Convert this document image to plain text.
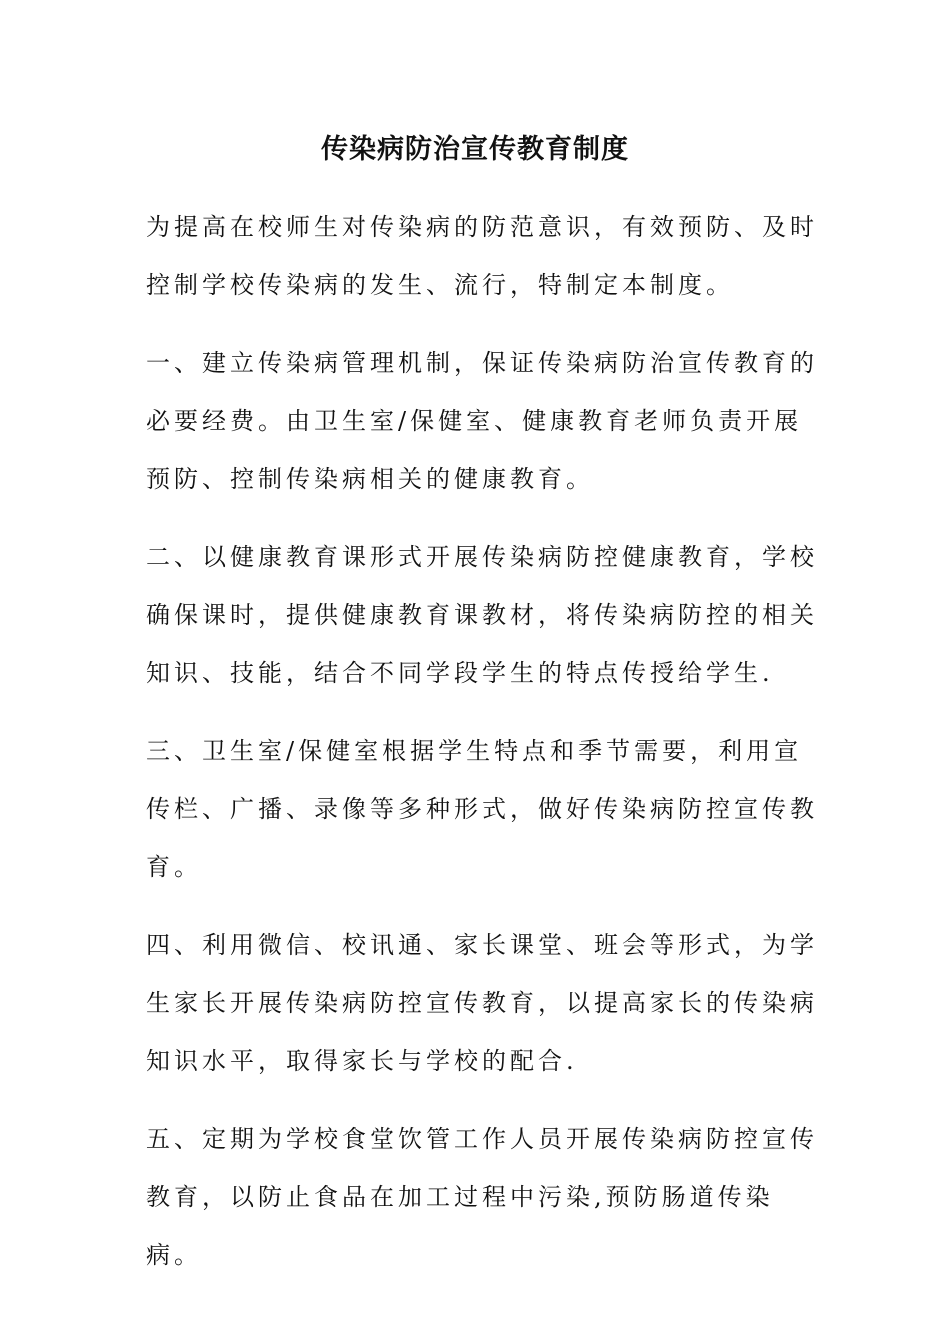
传染病防治宣传教育制度

为提高在校师生对传染病的防范意识，有效预防、及时控制学校传染病的发生、流行，特制定本制度。

一、建立传染病管理机制，保证传染病防治宣传教育的必要经费。由卫生室/保健室、健康教育老师负责开展预防、控制传染病相关的健康教育。

二、以健康教育课形式开展传染病防控健康教育，学校确保课时，提供健康教育课教材，将传染病防控的相关知识、技能，结合不同学段学生的特点传授给学生.

三、卫生室/保健室根据学生特点和季节需要，利用宣传栏、广播、录像等多种形式，做好传染病防控宣传教育。

四、利用微信、校讯通、家长课堂、班会等形式，为学生家长开展传染病防控宣传教育，以提高家长的传染病知识水平，取得家长与学校的配合.

五、定期为学校食堂饮管工作人员开展传染病防控宣传教育，以防止食品在加工过程中污染,预防肠道传染病。
